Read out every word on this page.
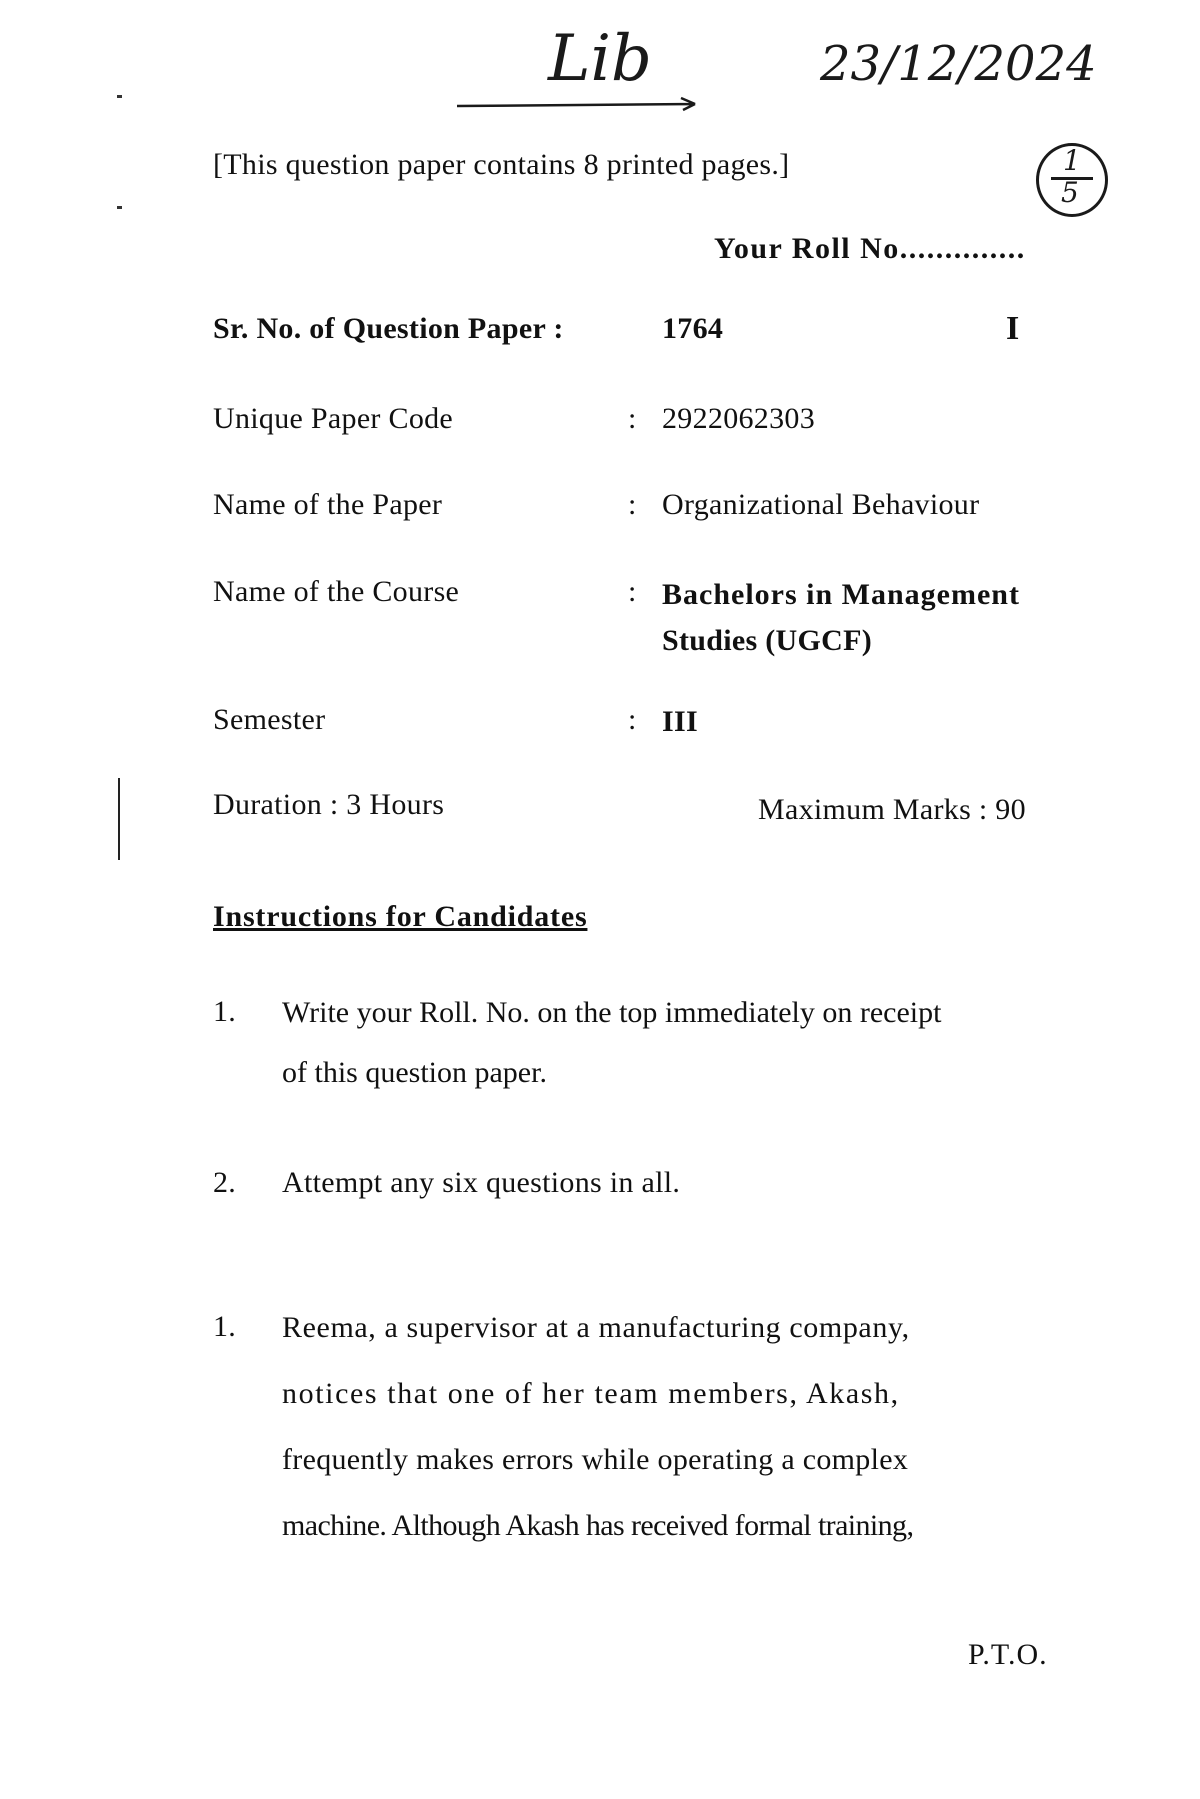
Lib	23/12/2024
1
5
[This question paper contains 8 printed pages.]
Your Roll No..............
Sr. No. of Question Paper :	1764	I
Unique Paper Code	: 2922062303
Name of the Paper	: Organizational Behaviour
Name of the Course	: Bachelors in Management
Studies (UGCF)
Semester	: III
Duration : 3 Hours	Maximum Marks : 90
Instructions for Candidates
1. Write your Roll. No. on the top immediately on receipt
of this question paper.
2. Attempt any six questions in all.
1. Reema, a supervisor at a manufacturing company,
notices that one of her team members, Akash,
frequently makes errors while operating a complex
machine. Although Akash has received formal training,
P.T.O.
